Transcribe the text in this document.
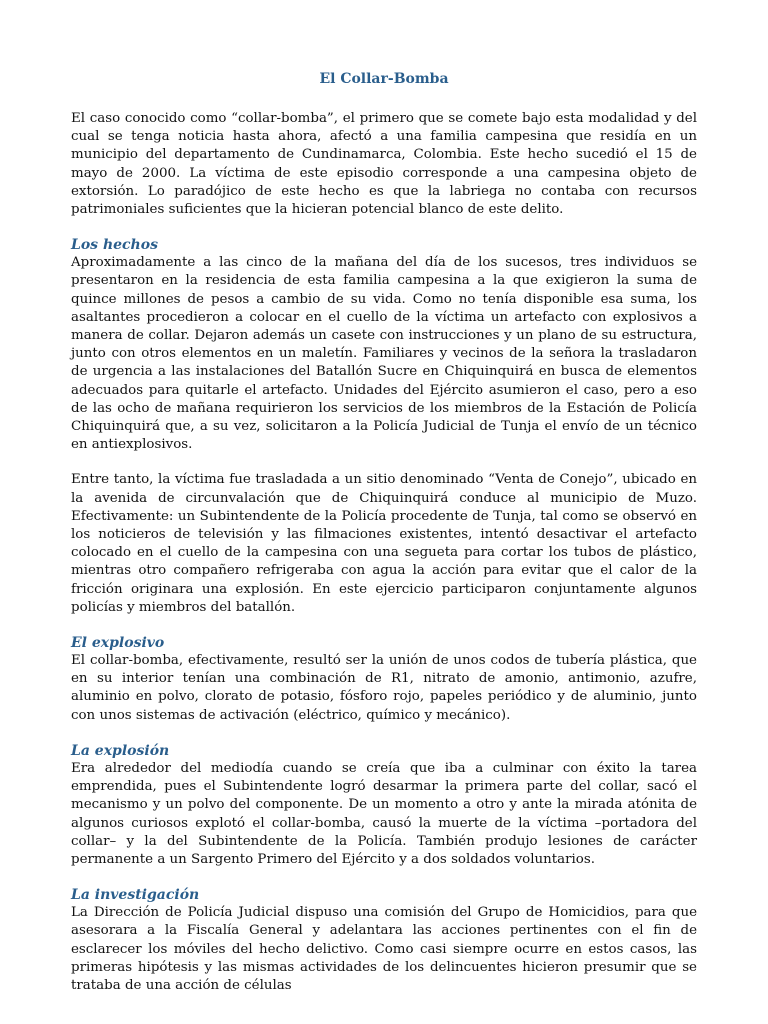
El Collar-Bomba

El caso conocido como “collar-bomba”, el primero que se comete bajo esta modalidad y del cual se tenga noticia hasta ahora, afectó a una familia campesina que residía en un municipio del departamento de Cundinamarca, Colombia. Este hecho sucedió el 15 de mayo de 2000. La víctima de este episodio corresponde a una campesina objeto de extorsión. Lo paradójico de este hecho es que la labriega no contaba con recursos patrimoniales suficientes que la hicieran potencial blanco de este delito.

Los hechos

Aproximadamente a las cinco de la mañana del día de los sucesos, tres individuos se presentaron en la residencia de esta familia campesina a la que exigieron la suma de quince millones de pesos a cambio de su vida. Como no tenía disponible esa suma, los asaltantes procedieron a colocar en el cuello de la víctima un artefacto con explosivos a manera de collar. Dejaron además un casete con instrucciones y un plano de su estructura, junto con otros elementos en un maletín. Familiares y vecinos de la señora la trasladaron de urgencia a las instalaciones del Batallón Sucre en Chiquinquirá en busca de elementos adecuados para quitarle el artefacto. Unidades del Ejército asumieron el caso, pero a eso de las ocho de mañana requirieron los servicios de los miembros de la Estación de Policía Chiquinquirá que, a su vez, solicitaron a la Policía Judicial de Tunja el envío de un técnico en antiexplosivos.

Entre tanto, la víctima fue trasladada a un sitio denominado “Venta de Conejo”, ubicado en la avenida de circunvalación que de Chiquinquirá conduce al municipio de Muzo. Efectivamente: un Subintendente de la Policía procedente de Tunja, tal como se observó en los noticieros de televisión y las filmaciones existentes, intentó desactivar el artefacto colocado en el cuello de la campesina con una segueta para cortar los tubos de plástico, mientras otro compañero refrigeraba con agua la acción para evitar que el calor de la fricción originara una explosión. En este ejercicio participaron conjuntamente algunos policías y miembros del batallón.

El explosivo

El collar-bomba, efectivamente, resultó ser la unión de unos codos de tubería plástica, que en su interior tenían una combinación de R1, nitrato de amonio, antimonio, azufre, aluminio en polvo, clorato de potasio, fósforo rojo, papeles periódico y de aluminio, junto con unos sistemas de activación (eléctrico, químico y mecánico).

La explosión

Era alrededor del mediodía cuando se creía que iba a culminar con éxito la tarea emprendida, pues el Subintendente logró desarmar la primera parte del collar, sacó el mecanismo y un polvo del componente. De un momento a otro y ante la mirada atónita de algunos curiosos explotó el collar-bomba, causó la muerte de la víctima –portadora del collar– y la del Subintendente de la Policía. También produjo lesiones de carácter permanente a un Sargento Primero del Ejército y a dos soldados voluntarios.

La investigación

La Dirección de Policía Judicial dispuso una comisión del Grupo de Homicidios, para que asesorara a la Fiscalía General y adelantara las acciones pertinentes con el fin de esclarecer los móviles del hecho delictivo. Como casi siempre ocurre en estos casos, las primeras hipótesis y las mismas actividades de los delincuentes hicieron presumir que se trataba de una acción de células
